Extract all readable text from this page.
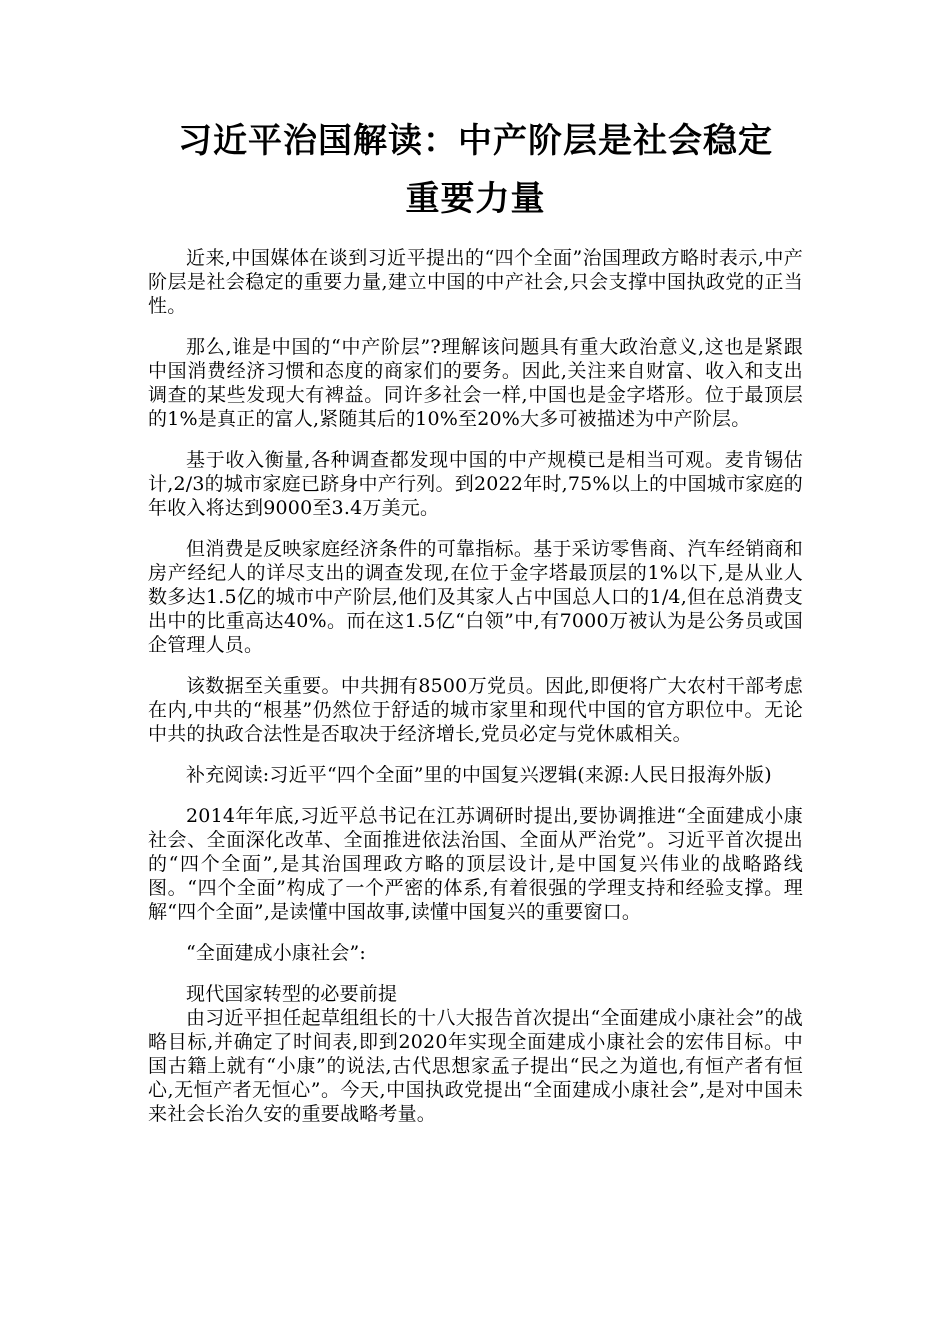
习近平治国解读：中产阶层是社会稳定
重要力量

近来,中国媒体在谈到习近平提出的“四个全面”治国理政方略时表示,中产阶层是社会稳定的重要力量,建立中国的中产社会,只会支撑中国执政党的正当性。

那么,谁是中国的“中产阶层”?理解该问题具有重大政治意义,这也是紧跟中国消费经济习惯和态度的商家们的要务。因此,关注来自财富、收入和支出调查的某些发现大有裨益。同许多社会一样,中国也是金字塔形。位于最顶层的1%是真正的富人,紧随其后的10%至20%大多可被描述为中产阶层。

基于收入衡量,各种调查都发现中国的中产规模已是相当可观。麦肯锡估计,2/3的城市家庭已跻身中产行列。到2022年时,75%以上的中国城市家庭的年收入将达到9000至3.4万美元。

但消费是反映家庭经济条件的可靠指标。基于采访零售商、汽车经销商和房产经纪人的详尽支出的调查发现,在位于金字塔最顶层的1%以下,是从业人数多达1.5亿的城市中产阶层,他们及其家人占中国总人口的1/4,但在总消费支出中的比重高达40%。而在这1.5亿“白领”中,有7000万被认为是公务员或国企管理人员。

该数据至关重要。中共拥有8500万党员。因此,即便将广大农村干部考虑在内,中共的“根基”仍然位于舒适的城市家里和现代中国的官方职位中。无论中共的执政合法性是否取决于经济增长,党员必定与党休戚相关。

补充阅读:习近平“四个全面”里的中国复兴逻辑(来源:人民日报海外版)

2014年年底,习近平总书记在江苏调研时提出,要协调推进“全面建成小康社会、全面深化改革、全面推进依法治国、全面从严治党”。习近平首次提出的“四个全面”,是其治国理政方略的顶层设计,是中国复兴伟业的战略路线图。“四个全面”构成了一个严密的体系,有着很强的学理支持和经验支撑。理解“四个全面”,是读懂中国故事,读懂中国复兴的重要窗口。

“全面建成小康社会”:

现代国家转型的必要前提

由习近平担任起草组组长的十八大报告首次提出“全面建成小康社会”的战略目标,并确定了时间表,即到2020年实现全面建成小康社会的宏伟目标。中国古籍上就有“小康”的说法,古代思想家孟子提出“民之为道也,有恒产者有恒心,无恒产者无恒心”。今天,中国执政党提出“全面建成小康社会”,是对中国未来社会长治久安的重要战略考量。
